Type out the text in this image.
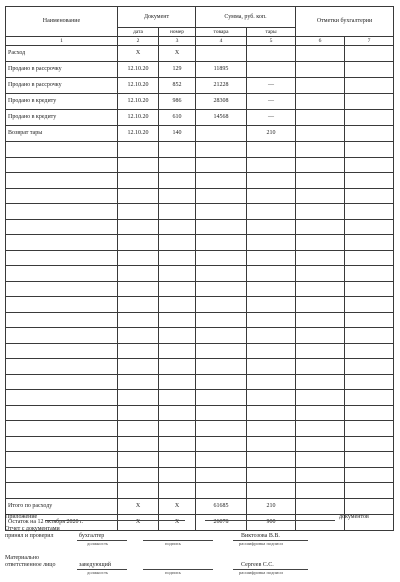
Наименование	Документ		Сумма, руб. коп.		Отметки бухгалтерии	
	дата	номер	товара	тары		
1	2	3	4	5	6	7
Расход	X	X				
Продано в рассрочку	12.10.20	129	11895			
Продано в рассрочку	12.10.20	852	21228	—		
Продано в кредиту	12.10.20	986	28308	—		
Продано в кредиту	12.10.20	610	14568	—		
Возврат тары	12.10.20	140		210		

Итого по расходу	X	X	61685	210		
Остаток на 12 октября 2020 г.	X	X	26078	900		
Приложение	документов
Отчет с документами
принял и проверил	бухгалтер
должность	подпись
Виктозова В.В.
расшифровка подписи
Материально
ответственное лицо	заведующий
должность	подпись
Сергеев С.С.
расшифровка подписи
